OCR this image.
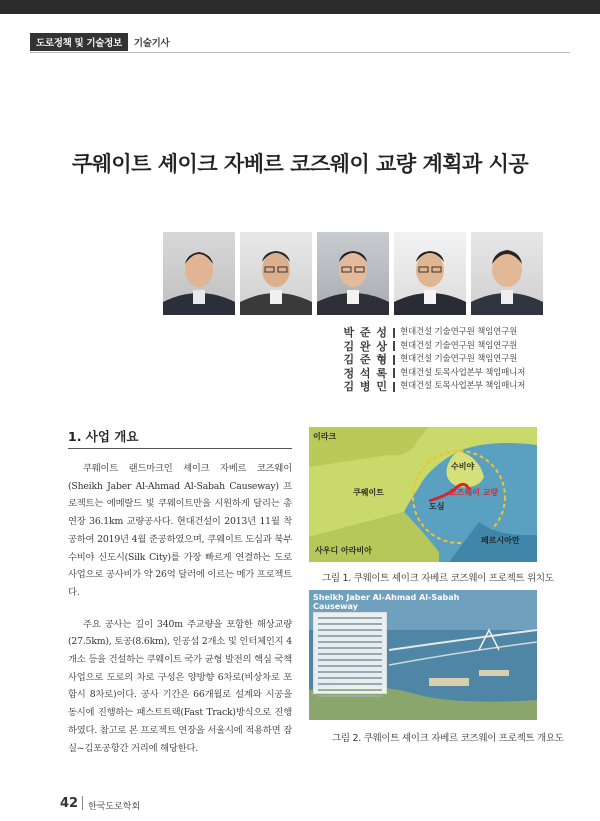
도로정책 및 기술정보	기술기사
쿠웨이트 셰이크 자베르 코즈웨이 교량 계획과 시공
박 준 성 현대건설 기술연구원 책임연구원
김 완 상 현대건설 기술연구원 책임연구원
김 준 형 현대건설 기술연구원 책임연구원
정 석 록 현대건설 토목사업본부 책임매니저
김 병 민 현대건설 토목사업본부 책임매니저
1. 사업 개요

쿠웨이트 랜드마크인 셰이크 자베르 코즈웨이(Sheikh Jaber Al-Ahmad Al-Sabah Causeway) 프로젝트는 에메랄드 빛 쿠웨이트만을 시원하게 달리는 총연장 36.1km 교량공사다. 현대건설이 2013년 11월 착공하여 2019년 4월 준공하였으며, 쿠웨이트 도심과 북부 수비야 신도시(Silk City)를 가장 빠르게 연결하는 도로사업으로 공사비가 약 26억 달러에 이르는 메가 프로젝트다.

주요 공사는 길이 340m 주교량을 포함한 해상교량(27.5km), 토공(8.6km), 인공섬 2개소 및 인터체인지 4개소 등을 건설하는 쿠웨이트 국가 균형 발전의 핵심 국책 사업으로 도로의 차로 구성은 양방향 6차로(비상차로 포함시 8차로)이다. 공사 기간은 66개월로 설계와 시공을 동시에 진행하는 패스트트랙(Fast Track)방식으로 진행하였다. 참고로 본 프로젝트 연장을 서울시에 적용하면 잠실~김포공항간 거리에 해당한다.

이라크
수비야
코즈웨이 교량
쿠웨이트
도심
사우디 아라비아
페르시아만
그림 1. 쿠웨이트 셰이크 자베르 코즈웨이 프로젝트 위치도
Sheikh Jaber Al-Ahmad Al-Sabah
Causeway
그림 2. 쿠웨이트 셰이크 자베르 코즈웨이 프로젝트 개요도
42 한국도로학회
